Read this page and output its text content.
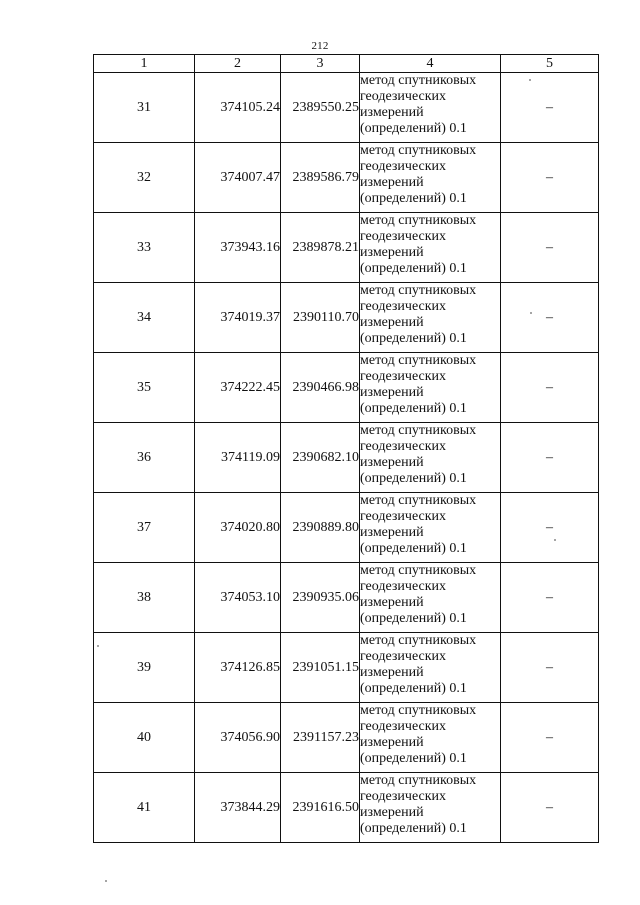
212
1	2	3	4	5
31	374105.24	2389550.25	метод спутниковых геодезических измерений (определений) 0.1	–
32	374007.47	2389586.79	метод спутниковых геодезических измерений (определений) 0.1	–
33	373943.16	2389878.21	метод спутниковых геодезических измерений (определений) 0.1	–
34	374019.37	2390110.70	метод спутниковых геодезических измерений (определений) 0.1	–
35	374222.45	2390466.98	метод спутниковых геодезических измерений (определений) 0.1	–
36	374119.09	2390682.10	метод спутниковых геодезических измерений (определений) 0.1	–
37	374020.80	2390889.80	метод спутниковых геодезических измерений (определений) 0.1	–
38	374053.10	2390935.06	метод спутниковых геодезических измерений (определений) 0.1	–
39	374126.85	2391051.15	метод спутниковых геодезических измерений (определений) 0.1	–
40	374056.90	2391157.23	метод спутниковых геодезических измерений (определений) 0.1	–
41	373844.29	2391616.50	метод спутниковых геодезических измерений (определений) 0.1	–
